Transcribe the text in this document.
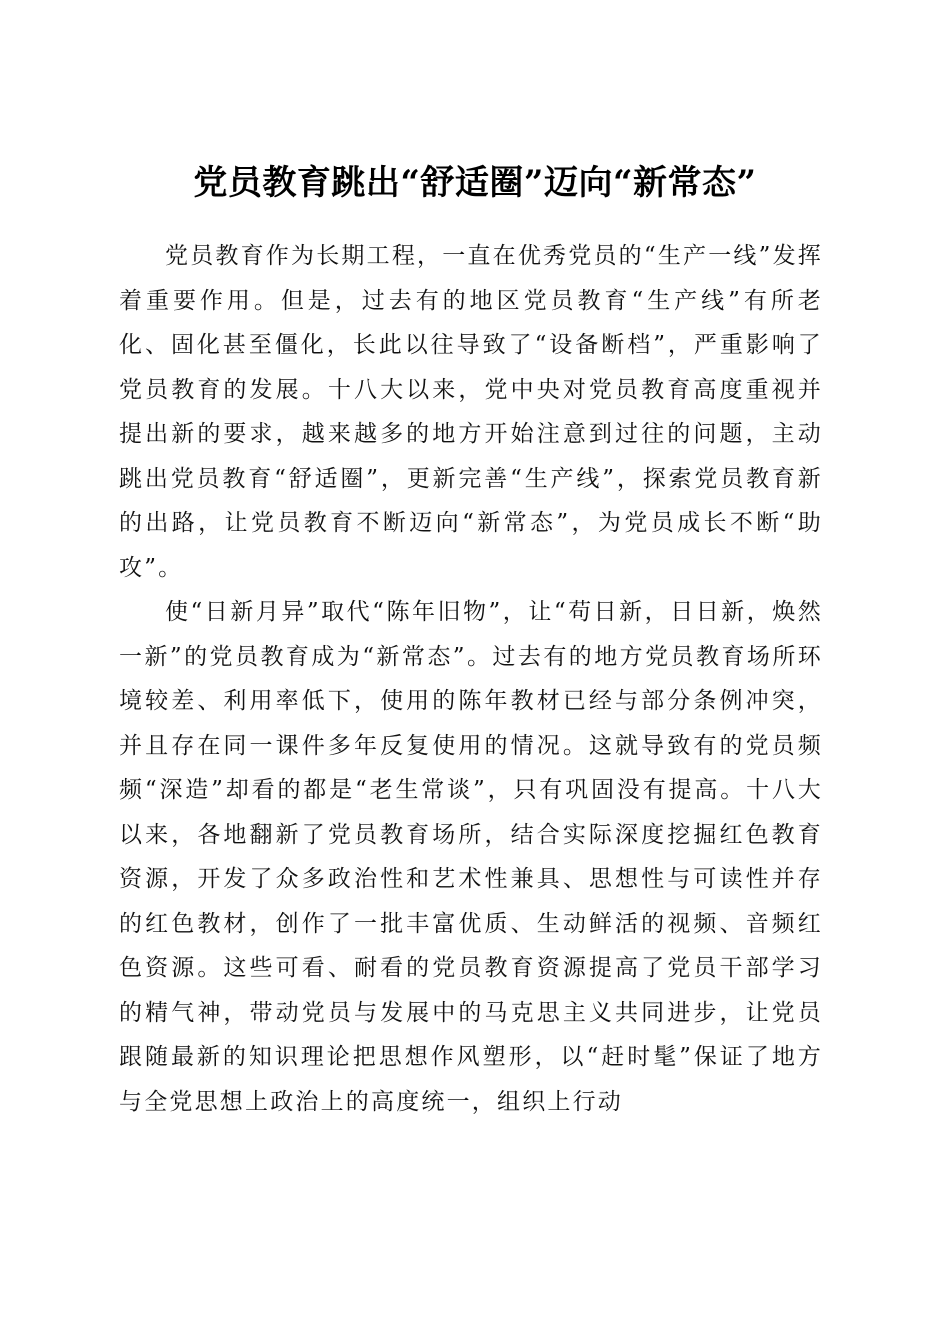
党员教育跳出“舒适圈”迈向“新常态”

党员教育作为长期工程，一直在优秀党员的“生产一线”发挥着重要作用。但是，过去有的地区党员教育“生产线”有所老化、固化甚至僵化，长此以往导致了“设备断档”，严重影响了党员教育的发展。十八大以来，党中央对党员教育高度重视并提出新的要求，越来越多的地方开始注意到过往的问题，主动跳出党员教育“舒适圈”，更新完善“生产线”，探索党员教育新的出路，让党员教育不断迈向“新常态”，为党员成长不断“助攻”。

使“日新月异”取代“陈年旧物”，让“苟日新，日日新，焕然一新”的党员教育成为“新常态”。过去有的地方党员教育场所环境较差、利用率低下，使用的陈年教材已经与部分条例冲突，并且存在同一课件多年反复使用的情况。这就导致有的党员频频“深造”却看的都是“老生常谈”，只有巩固没有提高。十八大以来，各地翻新了党员教育场所，结合实际深度挖掘红色教育资源，开发了众多政治性和艺术性兼具、思想性与可读性并存的红色教材，创作了一批丰富优质、生动鲜活的视频、音频红色资源。这些可看、耐看的党员教育资源提高了党员干部学习的精气神，带动党员与发展中的马克思主义共同进步，让党员跟随最新的知识理论把思想作风塑形，以“赶时髦”保证了地方与全党思想上政治上的高度统一，组织上行动
